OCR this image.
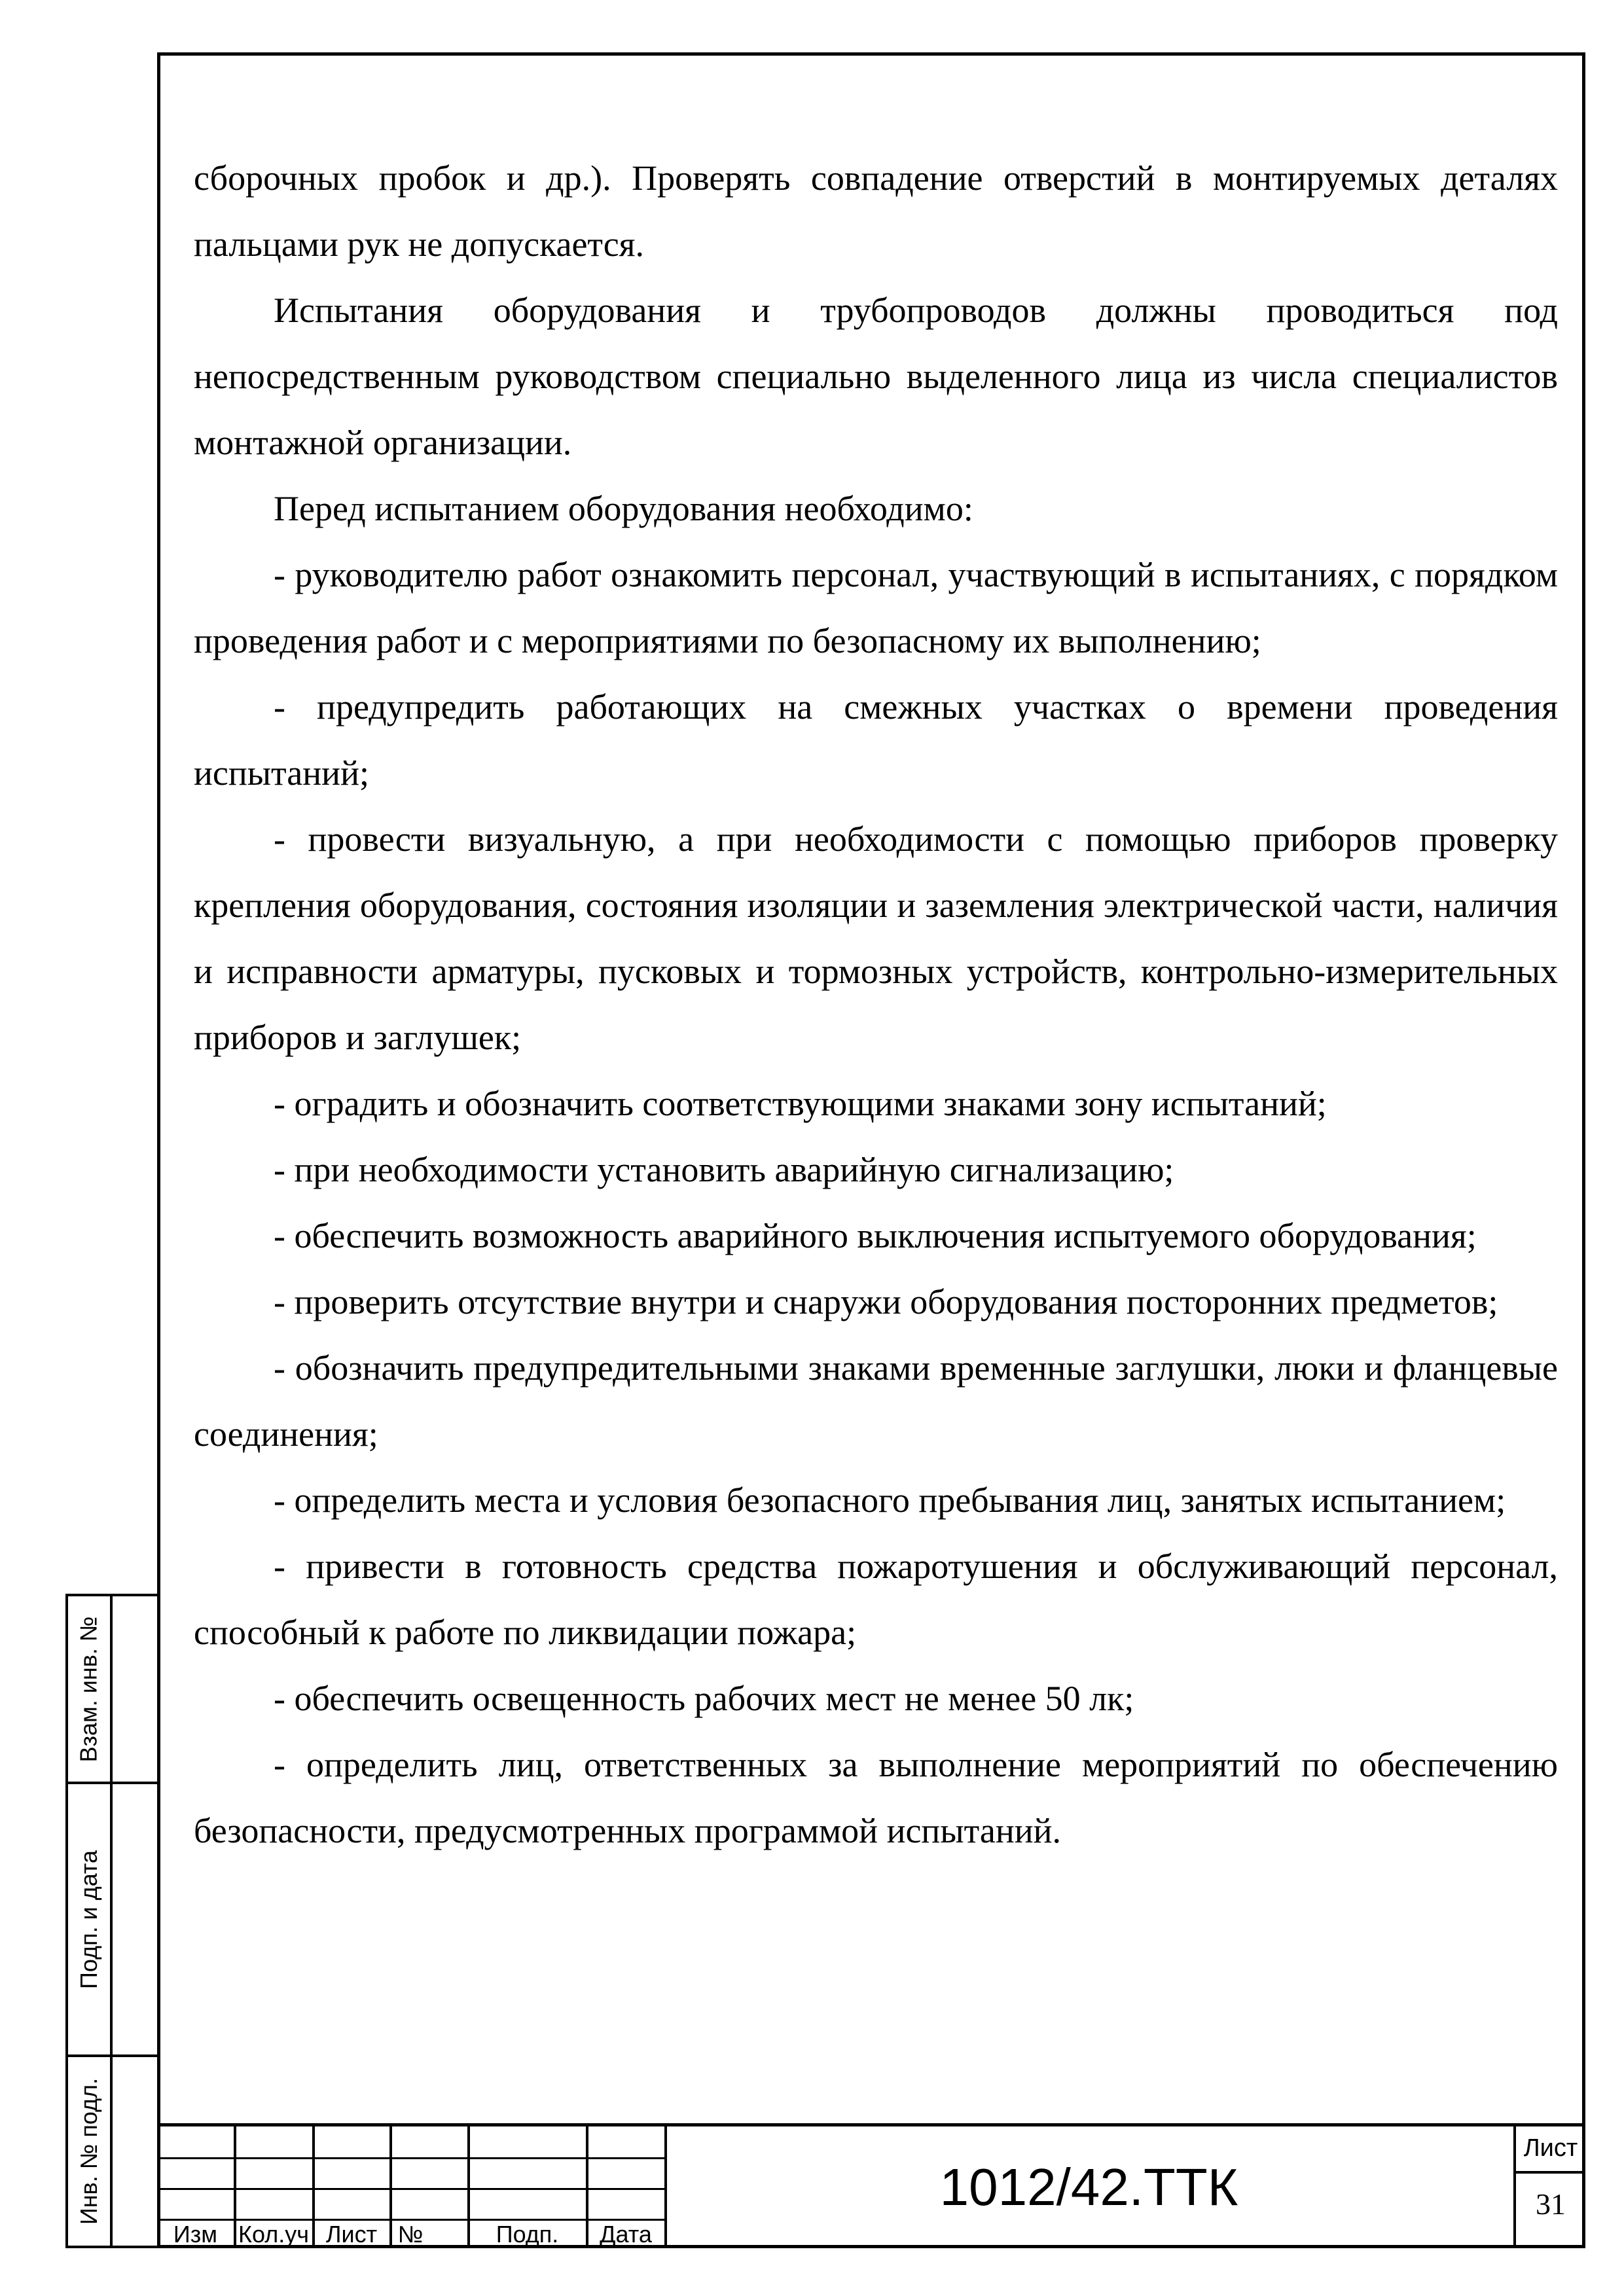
сборочных пробок и др.). Проверять совпадение отверстий в монтируемых деталях пальцами рук не допускается.

Испытания оборудования и трубопроводов должны проводиться под непосредственным руководством специально выделенного лица из числа специалистов монтажной организации.

Перед испытанием оборудования необходимо:

- руководителю работ ознакомить персонал, участвующий в испытаниях, с порядком проведения работ и с мероприятиями по безопасному их выполнению;

- предупредить работающих на смежных участках о времени проведения испытаний;

- провести визуальную, а при необходимости с помощью приборов проверку крепления оборудования, состояния изоляции и заземления электрической части, наличия и исправности арматуры, пусковых и тормозных устройств, контрольно-измерительных приборов и заглушек;

- оградить и обозначить соответствующими знаками зону испытаний;

- при необходимости установить аварийную сигнализацию;

- обеспечить возможность аварийного выключения испытуемого оборудования;

- проверить отсутствие внутри и снаружи оборудования посторонних предметов;

- обозначить предупредительными знаками временные заглушки, люки и фланцевые соединения;

- определить места и условия безопасного пребывания лиц, занятых испытанием;

- привести в готовность средства пожаротушения и обслуживающий персонал, способный к работе по ликвидации пожара;

- обеспечить освещенность рабочих мест не менее 50 лк;

- определить лиц, ответственных за выполнение мероприятий по обеспечению безопасности, предусмотренных программой испытаний.

Взам. инв. №
Подп. и дата
Инв. № подл.
Изм Кол.уч Лист №	Подп.	Дата
1012/42.ТТК
Лист
31
